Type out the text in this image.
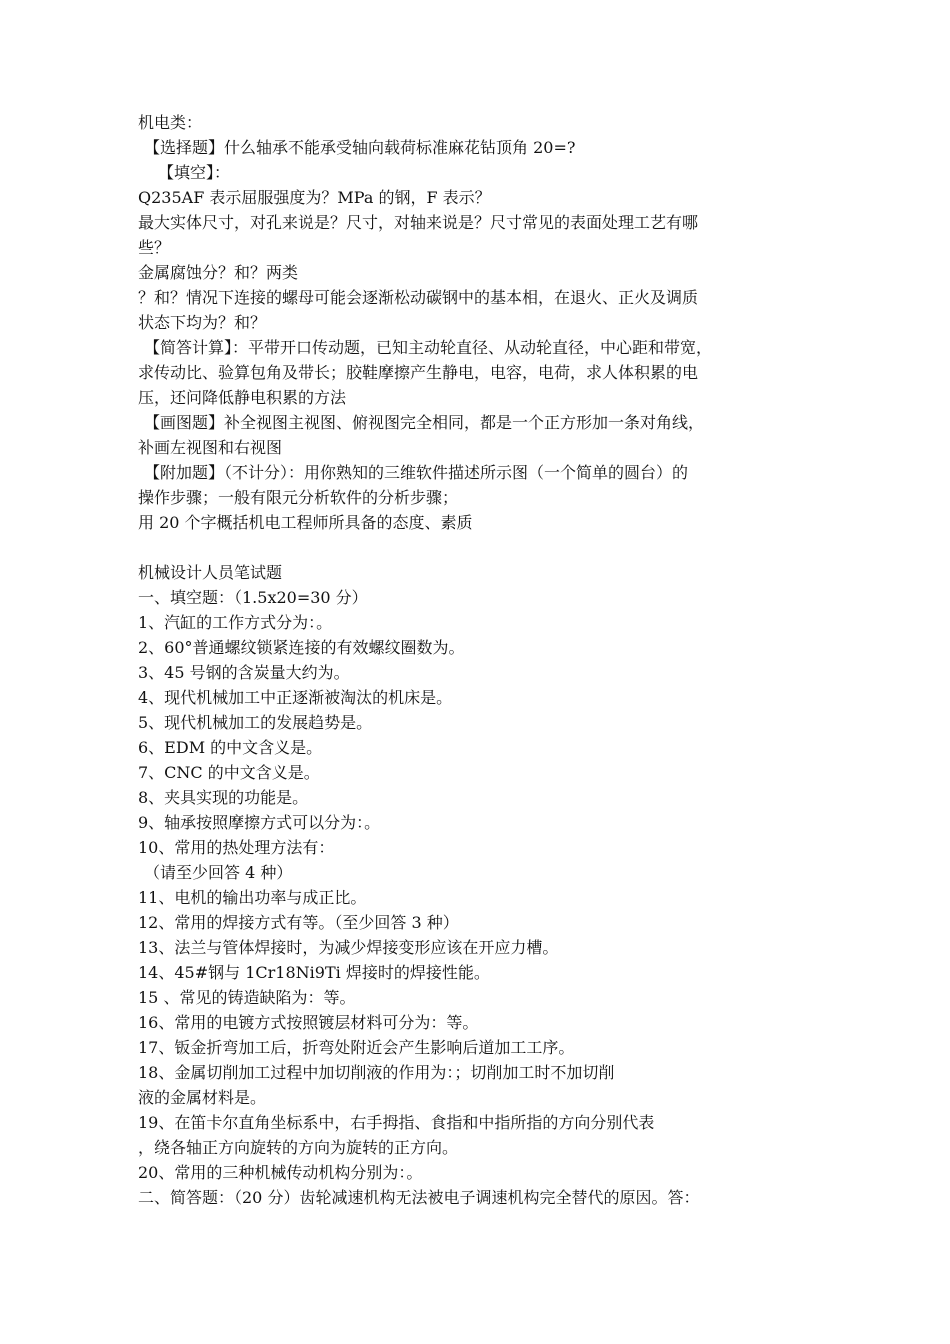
机电类：
【选择题】什么轴承不能承受轴向载荷标准麻花钻顶角 20=?
【填空】：
Q235AF 表示屈服强度为？MPa 的钢，F 表示？
最大实体尺寸，对孔来说是？尺寸，对轴来说是？尺寸常见的表面处理工艺有哪
些？
金属腐蚀分？和？两类
？和？情况下连接的螺母可能会逐渐松动碳钢中的基本相，在退火、正火及调质
状态下均为？和？
【简答计算】：平带开口传动题，已知主动轮直径、从动轮直径，中心距和带宽，
求传动比、验算包角及带长；胶鞋摩擦产生静电，电容，电荷，求人体积累的电
压，还问降低静电积累的方法
【画图题】补全视图主视图、俯视图完全相同，都是一个正方形加一条对角线，
补画左视图和右视图
【附加题】（不计分）：用你熟知的三维软件描述所示图（一个简单的圆台）的
操作步骤；一般有限元分析软件的分析步骤；
用 20 个字概括机电工程师所具备的态度、素质
机械设计人员笔试题
一、填空题：（1.5x20=30 分）
1、汽缸的工作方式分为：。
2、60°普通螺纹锁紧连接的有效螺纹圈数为。
3、45 号钢的含炭量大约为。
4、现代机械加工中正逐渐被淘汰的机床是。
5、现代机械加工的发展趋势是。
6、EDM 的中文含义是。
7、CNC 的中文含义是。
8、夹具实现的功能是。
9、轴承按照摩擦方式可以分为：。
10、常用的热处理方法有：
（请至少回答 4 种）
11、电机的输出功率与成正比。
12、常用的焊接方式有等。（至少回答 3 种）
13、法兰与管体焊接时，为减少焊接变形应该在开应力槽。
14、45#钢与 1Cr18Ni9Ti 焊接时的焊接性能。
15 、常见的铸造缺陷为：等。
16、常用的电镀方式按照镀层材料可分为：等。
17、钣金折弯加工后，折弯处附近会产生影响后道加工工序。
18、金属切削加工过程中加切削液的作用为：；切削加工时不加切削
液的金属材料是。
19、在笛卡尔直角坐标系中，右手拇指、食指和中指所指的方向分别代表
，绕各轴正方向旋转的方向为旋转的正方向。
20、常用的三种机械传动机构分别为：。
二、简答题：（20 分）齿轮减速机构无法被电子调速机构完全替代的原因。答：
